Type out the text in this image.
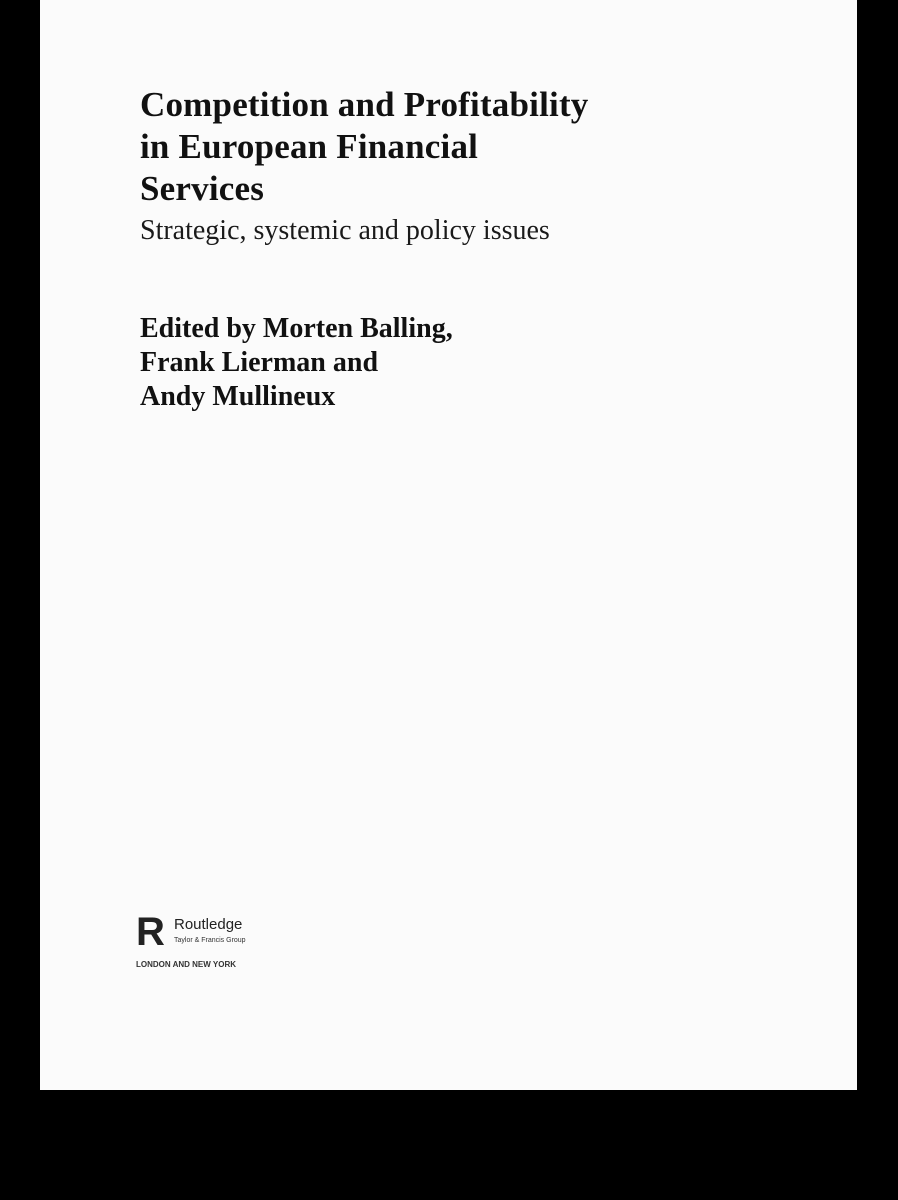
Competition and Profitability
in European Financial
Services

Strategic, systemic and policy issues

Edited by Morten Balling,
Frank Lierman and
Andy Mullineux

R Routledge
Taylor & Francis Group
LONDON AND NEW YORK
